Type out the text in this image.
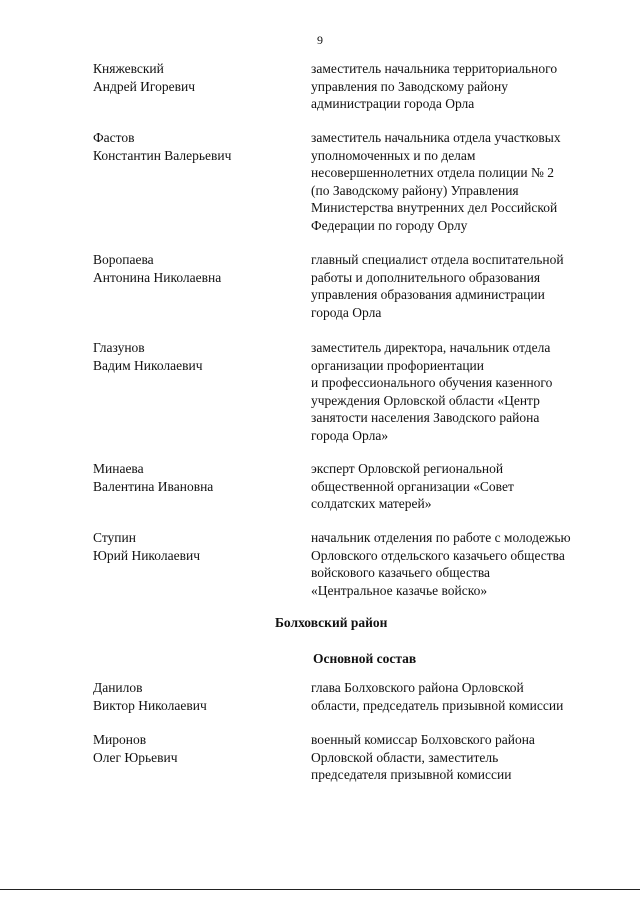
9
Княжевский
Андрей Игоревич
заместитель начальника территориального
управления по Заводскому району
администрации города Орла
Фастов
Константин Валерьевич
заместитель начальника отдела участковых
уполномоченных и по делам
несовершеннолетних отдела полиции № 2
(по Заводскому району) Управления
Министерства внутренних дел Российской
Федерации по городу Орлу
Воропаева
Антонина Николаевна
главный специалист отдела воспитательной
работы и дополнительного образования
управления образования администрации
города Орла
Глазунов
Вадим Николаевич
заместитель директора, начальник отдела
организации профориентации
и профессионального обучения казенного
учреждения Орловской области «Центр
занятости населения Заводского района
города Орла»
Минаева
Валентина Ивановна
эксперт Орловской региональной
общественной организации «Совет
солдатских матерей»
Ступин
Юрий Николаевич
начальник отделения по работе с молодежью
Орловского отдельского казачьего общества
войскового казачьего общества
«Центральное казачье войско»
Болховский район
Основной состав
Данилов
Виктор Николаевич
глава Болховского района Орловской
области, председатель призывной комиссии
Миронов
Олег Юрьевич
военный комиссар Болховского района
Орловской области, заместитель
председателя призывной комиссии
